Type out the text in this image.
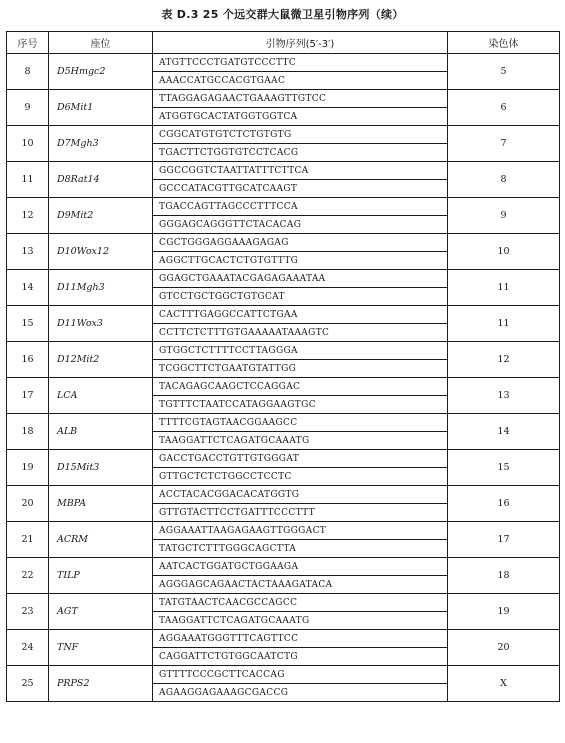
表 D.3 25 个远交群大鼠微卫星引物序列（续）
序号	座位	引物序列(5′-3′)	染色体
8	D5Hmgc2	ATGTTCCCTGATGTCCCTTC	5
		AAACCATGCCACGTGAAC	
9	D6Mit1	TTAGGAGAGAACTGAAAGTTGTCC	6
		ATGGTGCACTATGGTGGTCA	
10	D7Mgh3	CGGCATGTGTCTCTGTGTG	7
		TGACTTCTGGTGTCCTCACG	
11	D8Rat14	GGCCGGTCTAATTATTTCTTCA	8
		GCCCATACGTTGCATCAAGT	
12	D9Mit2	TGACCAGTTAGCCCTTTCCA	9
		GGGAGCAGGGTTCTACACAG	
13	D10Wox12	CGCTGGGAGGAAAGAGAG	10
		AGGCTTGCACTCTGTGTTTG	
14	D11Mgh3	GGAGCTGAAATACGAGAGAAATAA	11
		GTCCTGCTGGCTGTGCAT	
15	D11Wox3	CACTTTGAGGCCATTCTGAA	11
		CCTTCTCTTTGTGAAAAATAAAGTC	
16	D12Mit2	GTGGCTCTTTTCCTTAGGGA	12
		TCGGCTTCTGAATGTATTGG	
17	LCA	TACAGAGCAAGCTCCAGGAC	13
		TGTTTCTAATCCATAGGAAGTGC	
18	ALB	TTTTCGTAGTAACGGAAGCC	14
		TAAGGATTCTCAGATGCAAATG	
19	D15Mit3	GACCTGACCTGTTGTGGGAT	15
		GTTGCTCTCTGGCCTCCTC	
20	MBPA	ACCTACACGGACACATGGTG	16
		GTTGTACTTCCTGATTTCCCTTT	
21	ACRM	AGGAAATTAAGAGAAGTTGGGACT	17
		TATGCTCTTTGGGCAGCTTA	
22	TILP	AATCACTGGATGCTGGAAGA	18
		AGGGAGCAGAACTACTAAAGATACA	
23	AGT	TATGTAACTCAACGCCAGCC	19
		TAAGGATTCTCAGATGCAAATG	
24	TNF	AGGAAATGGGTTTCAGTTCC	20
		CAGGATTCTGTGGCAATCTG	
25	PRPS2	GTTTTCCCGCTTCACCAG	X
		AGAAGGAGAAAGCGACCG	
